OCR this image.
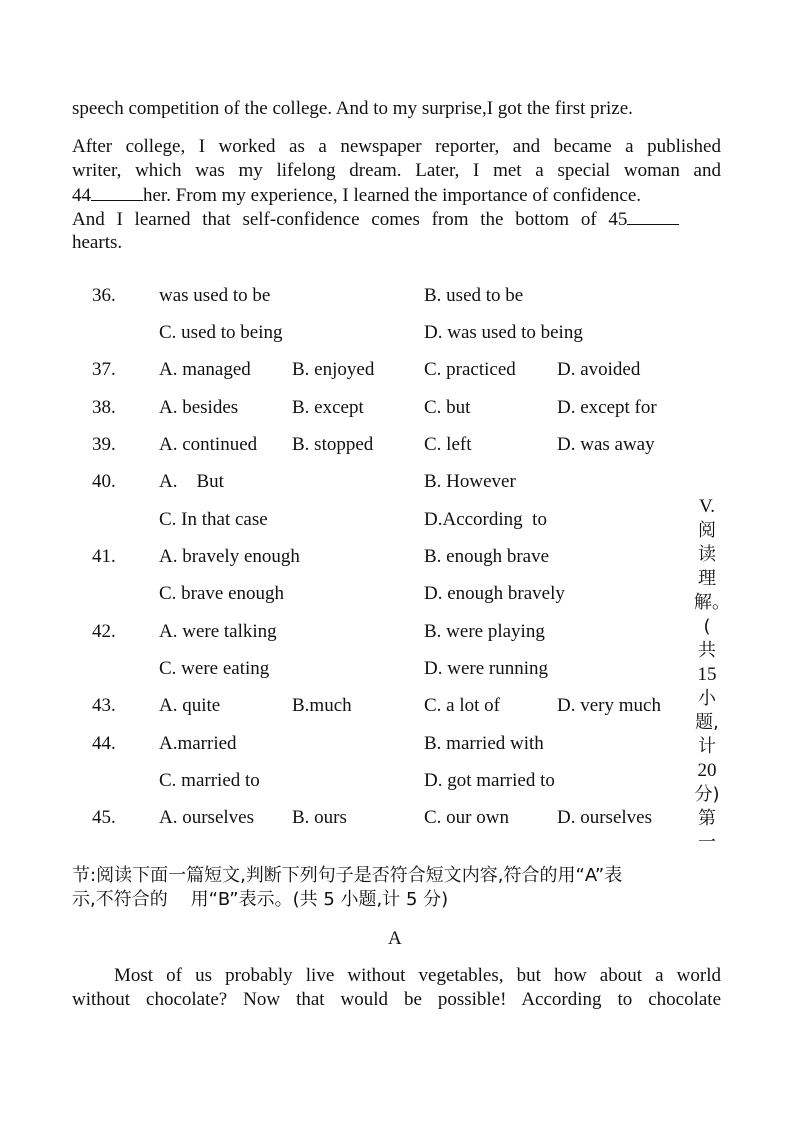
speech competition of the college. And to my surprise,I got the first prize.
After college, I worked as a newspaper reporter, and became a published
writer, which was my lifelong dream. Later, I met a special woman and
44	her. From my experience, I learned the importance of confidence.
And I learned that self-confidence comes from the bottom of 45
hearts.
36. was used to be	B. used to be
C. used to being	D. was used to being
37. A. managed B. enjoyed	C. practiced D. avoided
38. A. besides	B. except	C. but	D. except for
39. A. continued B. stopped	C. left	D. was away
40. A.    But	B. However
C. In that case	D.According  to
41. A. bravely enough	B. enough brave
C. brave enough	D. enough bravely
42. A. were talking	B. were playing
C. were eating	D. were running
43. A. quite	B.much	C. a lot of	D. very much
44. A.married	B. married with
C. married to	D. got married to
45. A. ourselves B. ours	C. our own	D. ourselves
V.
阅
读
理
解。
(
共
15
小
题,
计
20
分)
第
一
节:阅读下面一篇短文,判断下列句子是否符合短文内容,符合的用“A”表
示,不符合的    用“B”表示。(共 5 小题,计 5 分)
A
Most of us probably live without vegetables, but how about a world
without chocolate? Now that would be possible! According to chocolate
